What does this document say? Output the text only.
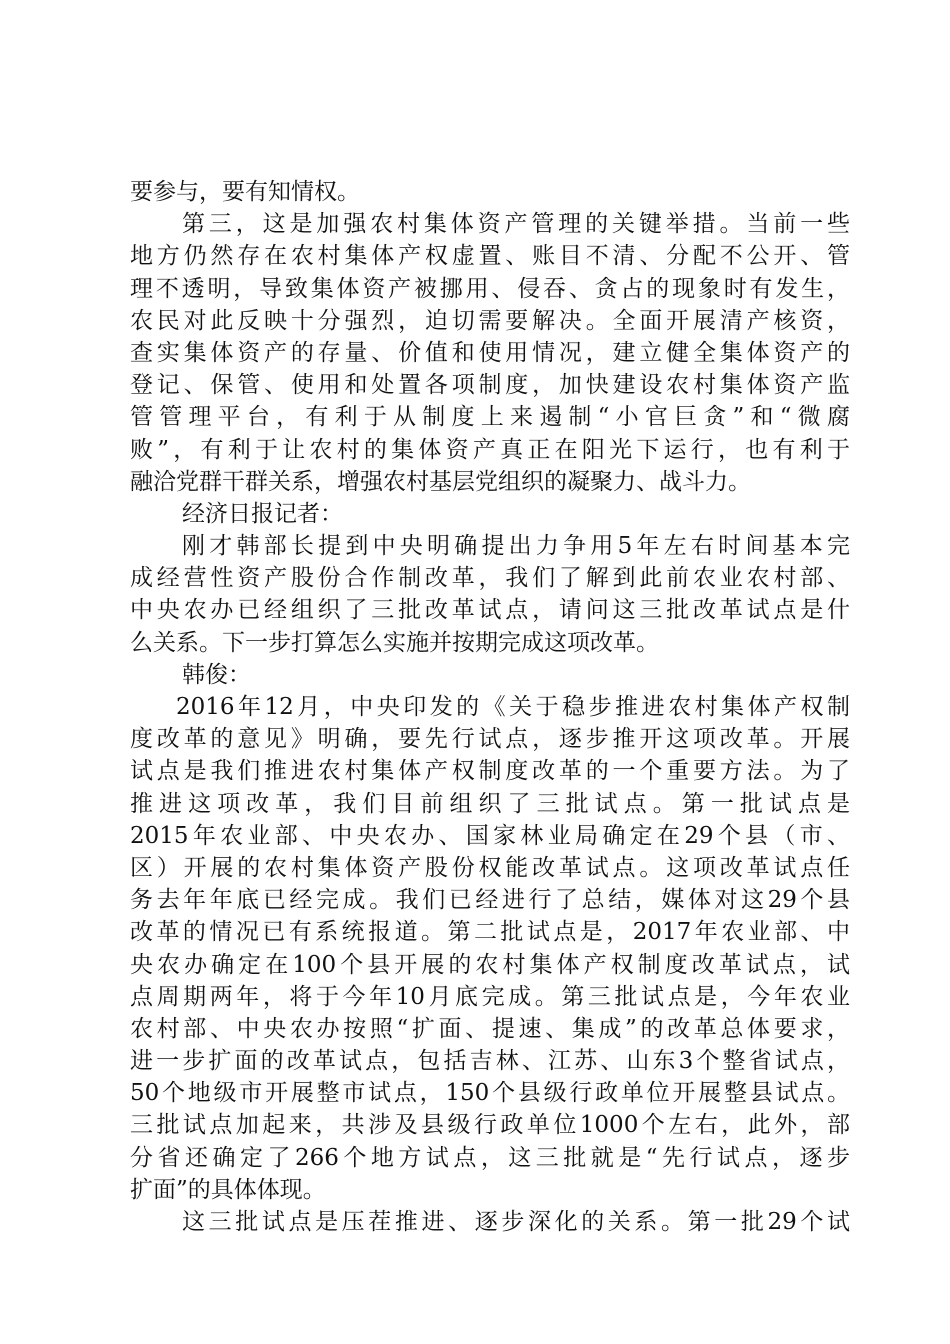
要参与，要有知情权。
第三，这是加强农村集体资产管理的关键举措。当前一些
地方仍然存在农村集体产权虚置、账目不清、分配不公开、管
理不透明，导致集体资产被挪用、侵吞、贪占的现象时有发生，
农民对此反映十分强烈，迫切需要解决。全面开展清产核资，
查实集体资产的存量、价值和使用情况，建立健全集体资产的
登记、保管、使用和处置各项制度，加快建设农村集体资产监
管管理平台，有利于从制度上来遏制“小官巨贪”和“微腐
败”，有利于让农村的集体资产真正在阳光下运行，也有利于
融洽党群干群关系，增强农村基层党组织的凝聚力、战斗力。
经济日报记者：
刚才韩部长提到中央明确提出力争用5年左右时间基本完
成经营性资产股份合作制改革，我们了解到此前农业农村部、
中央农办已经组织了三批改革试点，请问这三批改革试点是什
么关系。下一步打算怎么实施并按期完成这项改革。
韩俊：
2016年12月，中央印发的《关于稳步推进农村集体产权制
度改革的意见》明确，要先行试点，逐步推开这项改革。开展
试点是我们推进农村集体产权制度改革的一个重要方法。为了
推进这项改革，我们目前组织了三批试点。第一批试点是
2015年农业部、中央农办、国家林业局确定在29个县（市、
区）开展的农村集体资产股份权能改革试点。这项改革试点任
务去年年底已经完成。我们已经进行了总结，媒体对这29个县
改革的情况已有系统报道。第二批试点是，2017年农业部、中
央农办确定在100个县开展的农村集体产权制度改革试点，试
点周期两年，将于今年10月底完成。第三批试点是，今年农业
农村部、中央农办按照“扩面、提速、集成”的改革总体要求，
进一步扩面的改革试点，包括吉林、江苏、山东3个整省试点，
50个地级市开展整市试点，150个县级行政单位开展整县试点。
三批试点加起来，共涉及县级行政单位1000个左右，此外，部
分省还确定了266个地方试点，这三批就是“先行试点，逐步
扩面”的具体体现。
这三批试点是压茬推进、逐步深化的关系。第一批29个试
